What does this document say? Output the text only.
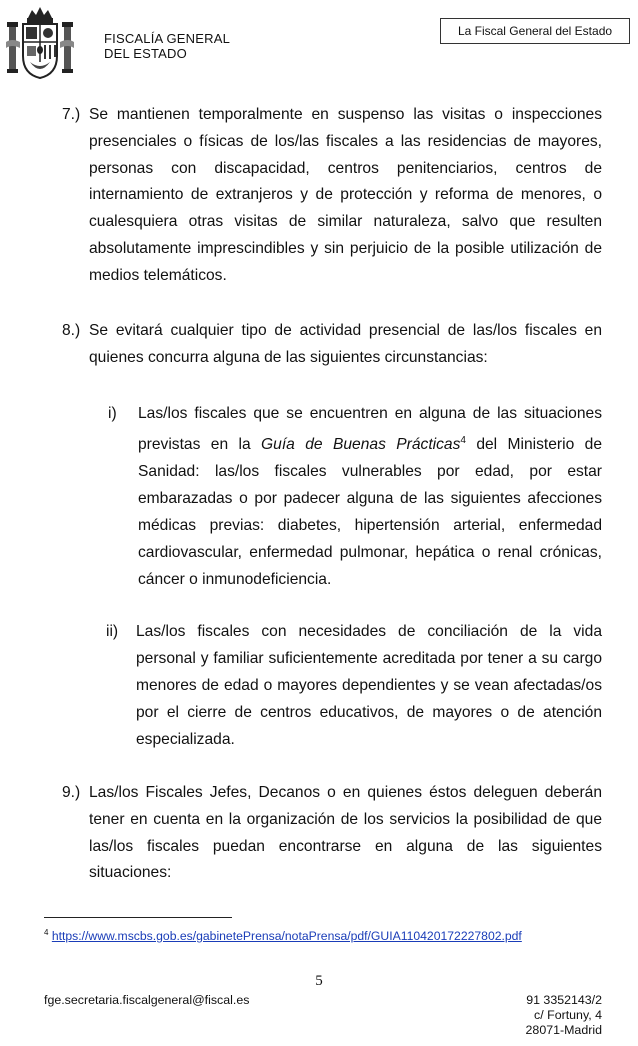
FISCALÍA GENERAL
DEL ESTADO
La Fiscal General del Estado
7.) Se mantienen temporalmente en suspenso las visitas o inspecciones presenciales o físicas de los/las fiscales a las residencias de mayores, personas con discapacidad, centros penitenciarios, centros de internamiento de extranjeros y de protección y reforma de menores, o cualesquiera otras visitas de similar naturaleza, salvo que resulten absolutamente imprescindibles y sin perjuicio de la posible utilización de medios telemáticos.
8.) Se evitará cualquier tipo de actividad presencial de las/los fiscales en quienes concurra alguna de las siguientes circunstancias:
i) Las/los fiscales que se encuentren en alguna de las situaciones previstas en la Guía de Buenas Prácticas$^4$ del Ministerio de Sanidad: las/los fiscales vulnerables por edad, por estar embarazadas o por padecer alguna de las siguientes afecciones médicas previas: diabetes, hipertensión arterial, enfermedad cardiovascular, enfermedad pulmonar, hepática o renal crónicas, cáncer o inmunodeficiencia.
ii) Las/los fiscales con necesidades de conciliación de la vida personal y familiar suficientemente acreditada por tener a su cargo menores de edad o mayores dependientes y se vean afectadas/os por el cierre de centros educativos, de mayores o de atención especializada.
9.) Las/los Fiscales Jefes, Decanos o en quienes éstos deleguen deberán tener en cuenta en la organización de los servicios la posibilidad de que las/los fiscales puedan encontrarse en alguna de las siguientes situaciones:
$^4$ https://www.mscbs.gob.es/gabinetePrensa/notaPrensa/pdf/GUIA110420172227802.pdf
5
fge.secretaria.fiscalgeneral@fiscal.es	91 3352143/2
c/ Fortuny, 4
28071-Madrid
